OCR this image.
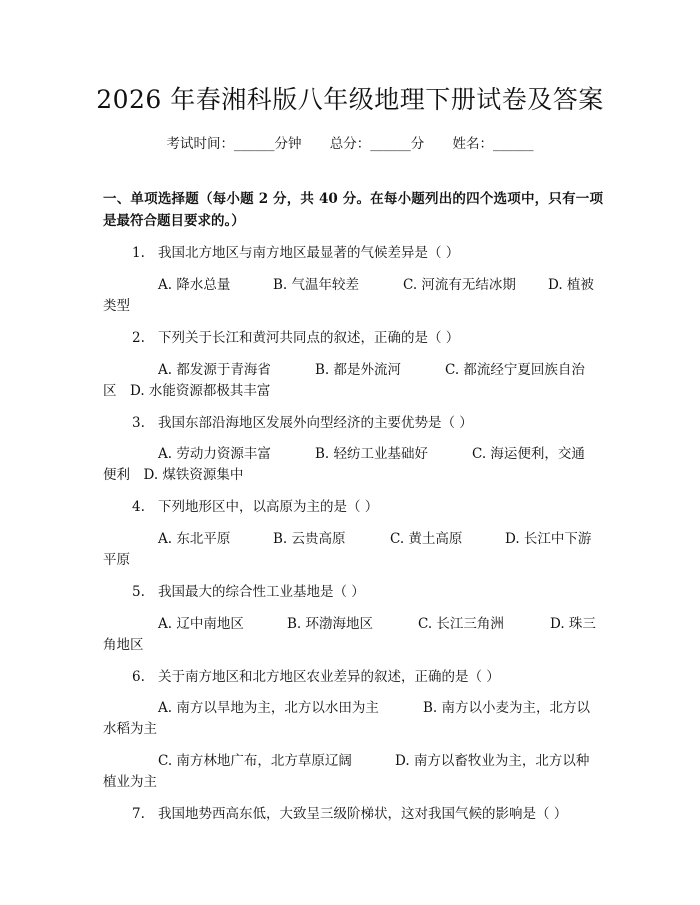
2026 年春湘科版八年级地理下册试卷及答案
考试时间：______分钟 总分：______分 姓名：______
一、单项选择题（每小题 2 分，共 40 分。在每小题列出的四个选项中，只有一项是最符合题目要求的。）
1. 我国北方地区与南方地区最显著的气候差异是（ ）
A. 降水总量	B. 气温年较差	C. 河流有无结冰期 D. 植被
类型
2. 下列关于长江和黄河共同点的叙述，正确的是（ ）
A. 都发源于青海省	B. 都是外流河	C. 都流经宁夏回族自治
区　D. 水能资源都极其丰富
3. 我国东部沿海地区发展外向型经济的主要优势是（ ）
A. 劳动力资源丰富	B. 轻纺工业基础好	C. 海运便利，交通
便利　D. 煤铁资源集中
4. 下列地形区中，以高原为主的是（ ）
A. 东北平原	B. 云贵高原	C. 黄土高原	D. 长江中下游
平原
5. 我国最大的综合性工业基地是（ ）
A. 辽中南地区	B. 环渤海地区	C. 长江三角洲	D. 珠三
角地区
6. 关于南方地区和北方地区农业差异的叙述，正确的是（ ）
A. 南方以旱地为主，北方以水田为主	B. 南方以小麦为主，北方以
水稻为主
C. 南方林地广布，北方草原辽阔	D. 南方以畜牧业为主，北方以种
植业为主
7. 我国地势西高东低，大致呈三级阶梯状，这对我国气候的影响是（ ）
